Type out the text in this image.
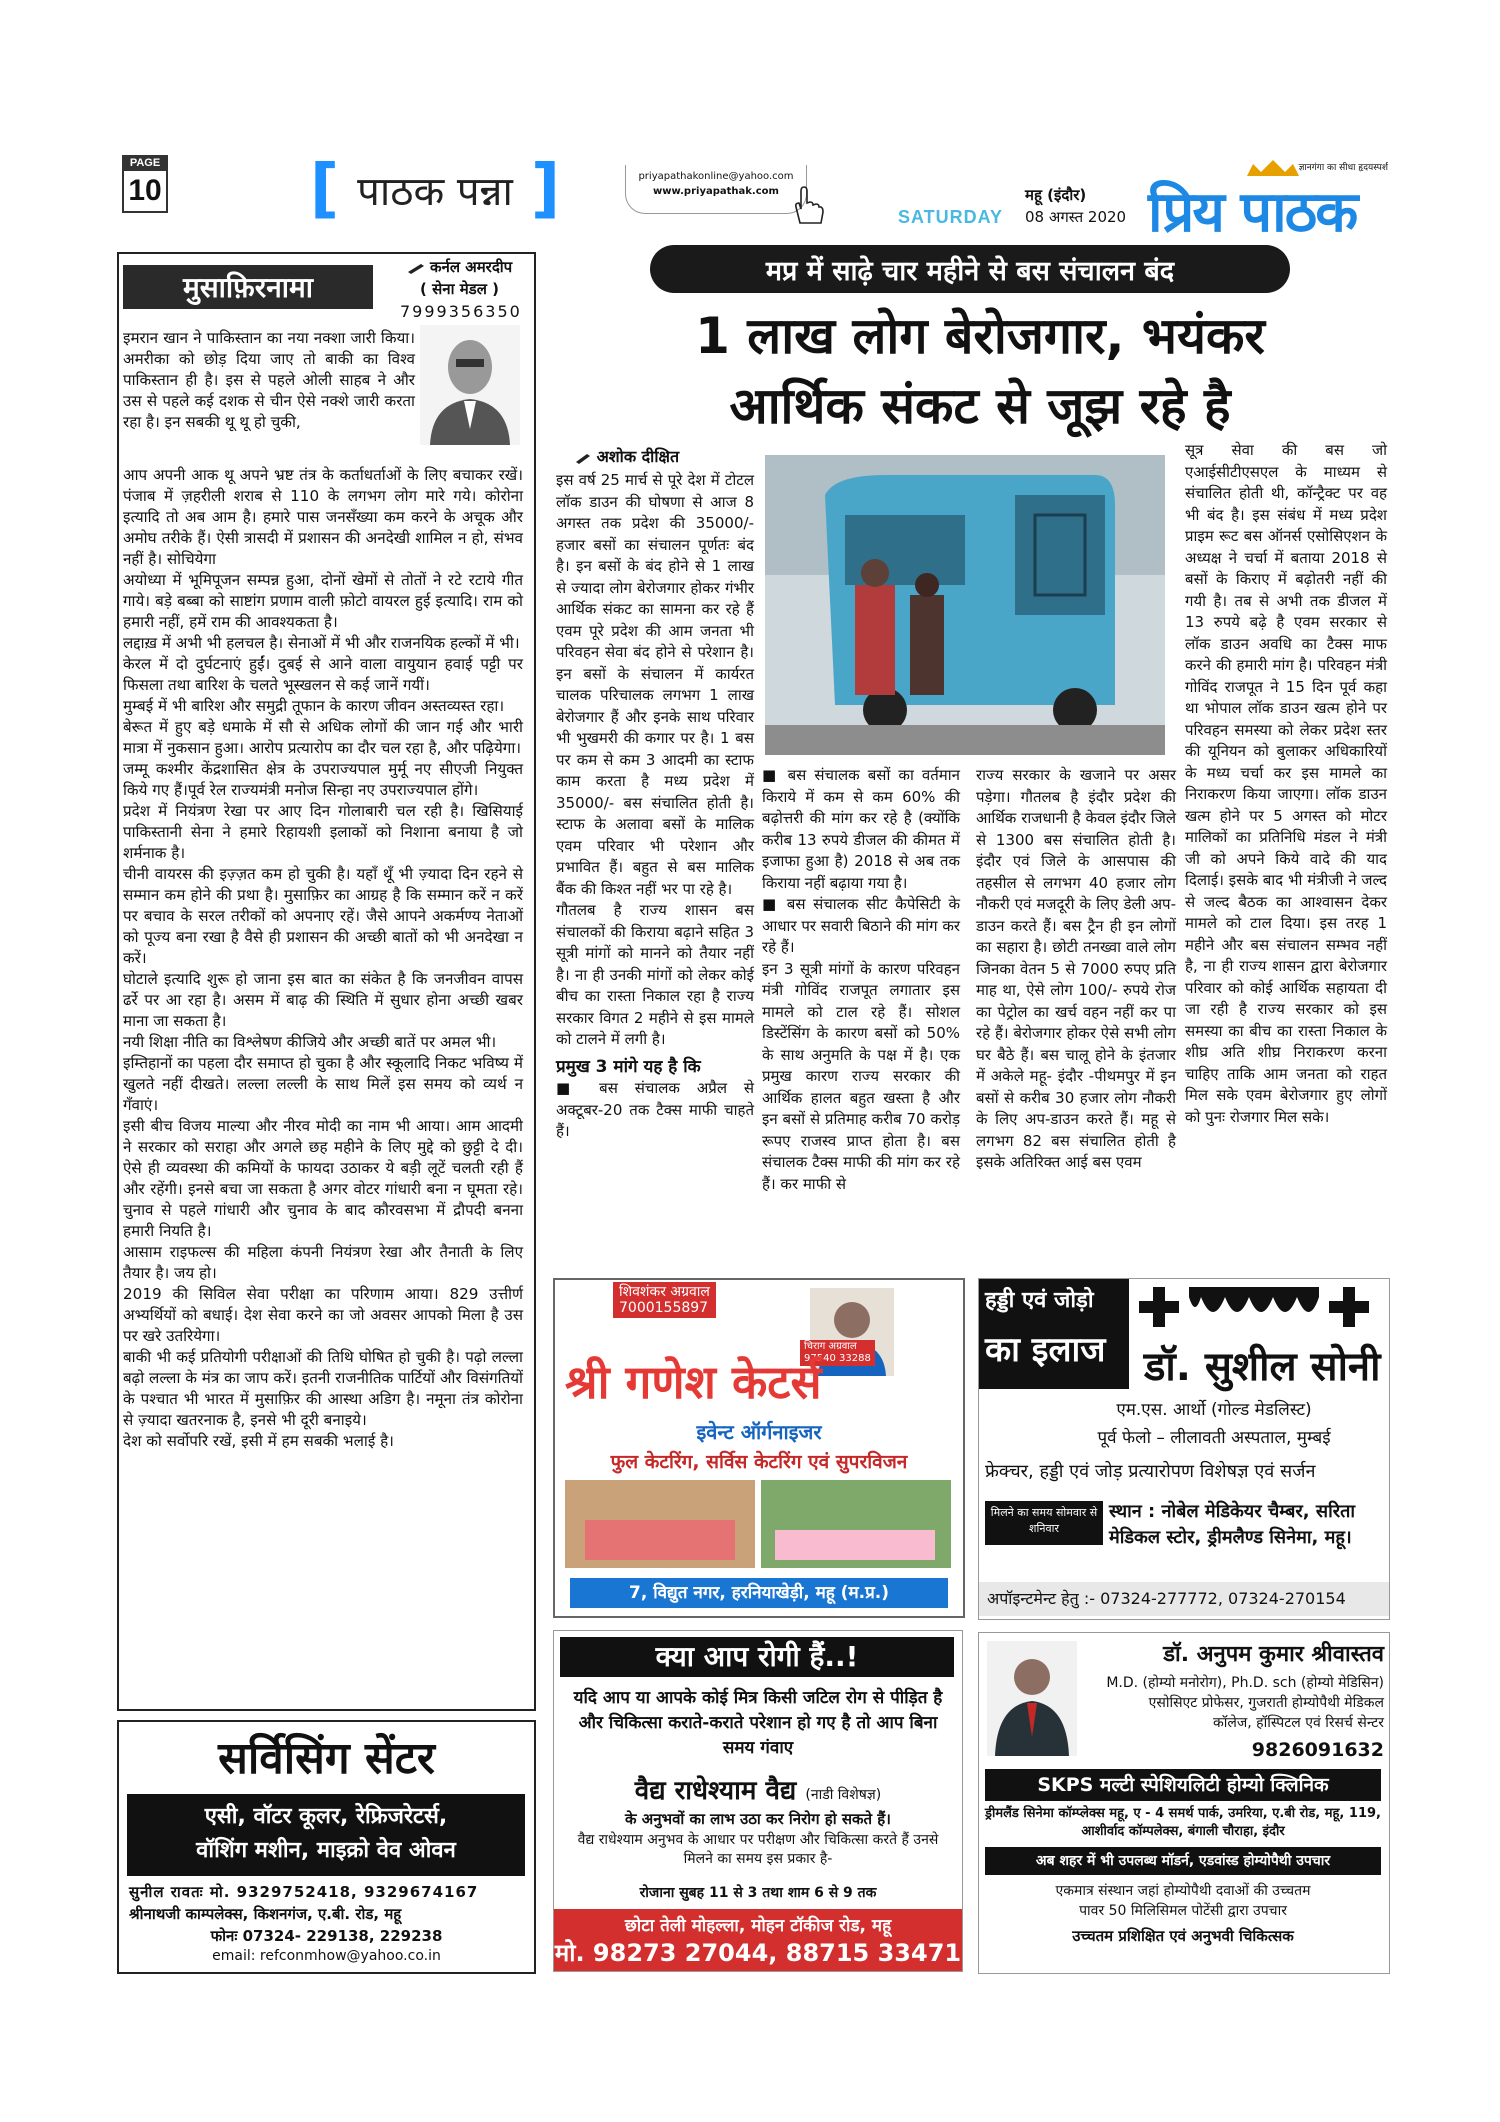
PAGE
10 [ पाठक पन्ना ]	priyapathakonline@yahoo.com
www.priyapathak.com
SATURDAY
महू (इंदौर)
08 अगस्त 2020
ज्ञानगंगा का सीधा हृदयस्पर्श
प्रिय पाठक
मुसाफ़िरनामा
कर्नल अमरदीप
( सेना मेडल )
7999356350
इमरान खान ने पाकिस्तान का नया नक्शा जारी किया। अमरीका को छोड़ दिया जाए तो बाकी का विश्व पाकिस्तान ही है। इस से पहले ओली साहब ने और उस से पहले कई दशक से चीन ऐसे नक्शे जारी करता रहा है। इन सबकी थू थू हो चुकी,
आप अपनी आक थू अपने भ्रष्ट तंत्र के कर्ताधर्ताओं के लिए बचाकर रखें। पंजाब में ज़हरीली शराब से 110 के लगभग लोग मारे गये। कोरोना इत्यादि तो अब आम है। हमारे पास जनसँख्या कम करने के अचूक और अमोघ तरीके हैं। ऐसी त्रासदी में प्रशासन की अनदेखी शामिल न हो, संभव नहीं है। सोचियेगा
अयोध्या में भूमिपूजन सम्पन्न हुआ, दोनों खेमों से तोतों ने रटे रटाये गीत गाये। बड़े बब्बा को साष्टांग प्रणाम वाली फ़ोटो वायरल हुई इत्यादि। राम को हमारी नहीं, हमें राम की आवश्यकता है।
लद्दाख़ में अभी भी हलचल है। सेनाओं में भी और राजनयिक हल्कों में भी।
केरल में दो दुर्घटनाएं हुईं। दुबई से आने वाला वायुयान हवाई पट्टी पर फिसला तथा बारिश के चलते भूस्खलन से कई जानें गयीं।
मुम्बई में भी बारिश और समुद्री तूफान के कारण जीवन अस्तव्यस्त रहा।
बेरूत में हुए बड़े धमाके में सौ से अधिक लोगों की जान गई और भारी मात्रा में नुकसान हुआ। आरोप प्रत्यारोप का दौर चल रहा है, और पढ़ियेगा।
जम्मू कश्मीर केंद्रशासित क्षेत्र के उपराज्यपाल मुर्मू नए सीएजी नियुक्त किये गए हैं।पूर्व रेल राज्यमंत्री मनोज सिन्हा नए उपराज्यपाल होंगे।
प्रदेश में नियंत्रण रेखा पर आए दिन गोलाबारी चल रही है। खिसियाई पाकिस्तानी सेना ने हमारे रिहायशी इलाकों को निशाना बनाया है जो शर्मनाक है।
चीनी वायरस की इज़्ज़त कम हो चुकी है। यहाँ थूँ भी ज़्यादा दिन रहने से सम्मान कम होने की प्रथा है। मुसाफ़िर का आग्रह है कि सम्मान करें न करें पर बचाव के सरल तरीकों को अपनाए रहें। जैसे आपने अकर्मण्य नेताओं को पूज्य बना रखा है वैसे ही प्रशासन की अच्छी बातों को भी अनदेखा न करें।
घोटाले इत्यादि शुरू हो जाना इस बात का संकेत है कि जनजीवन वापस ढर्रे पर आ रहा है। असम में बाढ़ की स्थिति में सुधार होना अच्छी खबर माना जा सकता है।
नयी शिक्षा नीति का विश्लेषण कीजिये और अच्छी बातें पर अमल भी।
इम्तिहानों का पहला दौर समाप्त हो चुका है और स्कूलादि निकट भविष्य में खुलते नहीं दीखते। लल्ला लल्ली के साथ मिलें इस समय को व्यर्थ न गँवाएं।
इसी बीच विजय माल्या और नीरव मोदी का नाम भी आया। आम आदमी ने सरकार को सराहा और अगले छह महीने के लिए मुद्दे को छुट्टी दे दी। ऐसे ही व्यवस्था की कमियों के फायदा उठाकर ये बड़ी लूटें चलती रही हैं और रहेंगी। इनसे बचा जा सकता है अगर वोटर गांधारी बना न घूमता रहे। चुनाव से पहले गांधारी और चुनाव के बाद कौरवसभा में द्रौपदी बनना हमारी नियति है।
आसाम राइफल्स की महिला कंपनी नियंत्रण रेखा और तैनाती के लिए तैयार है। जय हो।
2019 की सिविल सेवा परीक्षा का परिणाम आया। 829 उत्तीर्ण अभ्यर्थियों को बधाई। देश सेवा करने का जो अवसर आपको मिला है उस पर खरे उतरियेगा।
बाकी भी कई प्रतियोगी परीक्षाओं की तिथि घोषित हो चुकी है। पढ़ो लल्ला बढ़ो लल्ला के मंत्र का जाप करें। इतनी राजनीतिक पार्टियों और विसंगतियों के पश्चात भी भारत में मुसाफ़िर की आस्था अडिग है। नमूना तंत्र कोरोना से ज़्यादा खतरनाक है, इनसे भी दूरी बनाइये।
देश को सर्वोपरि रखें, इसी में हम सबकी भलाई है।
मप्र में साढ़े चार महीने से बस संचालन बंद
1 लाख लोग बेरोजगार, भयंकर
आर्थिक संकट से जूझ रहे है
अशोक दीक्षित
इस वर्ष 25 मार्च से पूरे देश में टोटल लॉक डाउन की घोषणा से आज 8 अगस्त तक प्रदेश की 35000/- हजार बसों का संचालन पूर्णतः बंद है। इन बसों के बंद होने से 1 लाख से ज्यादा लोग बेरोजगार होकर गंभीर आर्थिक संकट का सामना कर रहे हैं एवम पूरे प्रदेश की आम जनता भी परिवहन सेवा बंद होने से परेशान है। इन बसों के संचालन में कार्यरत चालक परिचालक लगभग 1 लाख बेरोजगार हैं और इनके साथ परिवार भी भुखमरी की कगार पर है। 1 बस पर कम से कम 3 आदमी का स्टाफ काम करता है मध्य प्रदेश में 35000/- बस संचालित होती है। स्टाफ के अलावा बसों के मालिक एवम परिवार भी परेशान और प्रभावित हैं। बहुत से बस मालिक बैंक की किश्त नहीं भर पा रहे है।
गौतलब है राज्य शासन बस संचालकों की किराया बढ़ाने सहित 3 सूत्री मांगों को मानने को तैयार नहीं है। ना ही उनकी मांगों को लेकर कोई बीच का रास्ता निकाल रहा है राज्य सरकार विगत 2 महीने से इस मामले को टालने में लगी है।
प्रमुख 3 मांगे यह है कि
■ बस संचालक अप्रैल से अक्टूबर-20 तक टैक्स माफी चाहते हैं।
■ बस संचालक बसों का वर्तमान किराये में कम से कम 60% की बढ़ोत्तरी की मांग कर रहे है (क्योंकि करीब 13 रुपये डीजल की कीमत में इजाफा हुआ है) 2018 से अब तक किराया नहीं बढ़ाया गया है।
■ बस संचालक सीट कैपेसिटी के आधार पर सवारी बिठाने की मांग कर रहे हैं।
इन 3 सूत्री मांगों के कारण परिवहन मंत्री गोविंद राजपूत लगातार इस मामले को टाल रहे हैं। सोशल डिस्टेंसिंग के कारण बसों को 50% के साथ अनुमति के पक्ष में है। एक प्रमुख कारण राज्य सरकार की आर्थिक हालत बहुत खस्ता है और इन बसों से प्रतिमाह करीब 70 करोड़ रूपए राजस्व प्राप्त होता है। बस संचालक टैक्स माफी की मांग कर रहे हैं। कर माफी से
राज्य सरकार के खजाने पर असर पड़ेगा। गौतलब है इंदौर प्रदेश की आर्थिक राजधानी है केवल इंदौर जिले से 1300 बस संचालित होती है। इंदौर एवं जिले के आसपास की तहसील से लगभग 40 हजार लोग नौकरी एवं मजदूरी के लिए डेली अप- डाउन करते हैं। बस ट्रैन ही इन लोगों का सहारा है। छोटी तनख्वा वाले लोग जिनका वेतन 5 से 7000 रुपए प्रति माह था, ऐसे लोग 100/- रुपये रोज का पेट्रोल का खर्च वहन नहीं कर पा रहे हैं। बेरोजगार होकर ऐसे सभी लोग घर बैठे हैं। बस चालू होने के इंतजार में अकेले महू- इंदौर -पीथमपुर में इन बसों से करीब 30 हजार लोग नौकरी के लिए अप-डाउन करते हैं। महू से लगभग 82 बस संचालित होती है इसके अतिरिक्त आई बस एवम
सूत्र सेवा की बस जो एआईसीटीएसएल के माध्यम से संचालित होती थी, कॉन्ट्रैक्ट पर वह भी बंद है। इस संबंध में मध्य प्रदेश प्राइम रूट बस ऑनर्स एसोसिएशन के अध्यक्ष ने चर्चा में बताया 2018 से बसों के किराए में बढ़ोतरी नहीं की गयी है। तब से अभी तक डीजल में 13 रुपये बढ़े है एवम सरकार से लॉक डाउन अवधि का टैक्स माफ करने की हमारी मांग है। परिवहन मंत्री गोविंद राजपूत ने 15 दिन पूर्व कहा था भोपाल लॉक डाउन खत्म होने पर परिवहन समस्या को लेकर प्रदेश स्तर की यूनियन को बुलाकर अधिकारियों के मध्य चर्चा कर इस मामले का निराकरण किया जाएगा। लॉक डाउन खत्म होने पर 5 अगस्त को मोटर मालिकों का प्रतिनिधि मंडल ने मंत्री जी को अपने किये वादे की याद दिलाई। इसके बाद भी मंत्रीजी ने जल्द से जल्द बैठक का आश्वासन देकर मामले को टाल दिया। इस तरह 1 महीने और बस संचालन सम्भव नहीं है, ना ही राज्य शासन द्वारा बेरोजगार परिवार को कोई आर्थिक सहायता दी जा रही है राज्य सरकार को इस समस्या का बीच का रास्ता निकाल के शीघ्र अति शीघ्र निराकरण करना चाहिए ताकि आम जनता को राहत मिल सके एवम बेरोजगार हुए लोगों को पुनः रोजगार मिल सके।
शिवशंकर अग्रवाल
7000155897
चिराग अग्रवाल
97540 33288
श्री गणेश केटर्स
इवेन्ट ऑर्गनाइजर
फुल केटरिंग, सर्विस केटरिंग एवं सुपरविजन
7, विद्युत नगर, हरनियाखेड़ी, महू (म.प्र.)
हड्डी एवं जोड़ो
का इलाज डॉ. सुशील सोनी
एम.एस. आर्थो (गोल्ड मेडलिस्ट)
पूर्व फेलो – लीलावती अस्पताल, मुम्बई
फ्रेक्चर, हड्डी एवं जोड़ प्रत्यारोपण विशेषज्ञ एवं सर्जन
मिलने का समय सोमवार से शनिवार
स्थान : नोबेल मेडिकेयर चैम्बर, सरिता मेडिकल स्टोर, ड्रीमलैण्ड सिनेमा, महू।
अपॉइन्टमेन्ट हेतु :- 07324-277772, 07324-270154
क्या आप रोगी हैं..!
यदि आप या आपके कोई मित्र किसी जटिल रोग से पीड़ित है और चिकित्सा कराते-कराते परेशान हो गए है तो आप बिना समय गंवाए
वैद्य राधेश्याम वैद्य (नाडी विशेषज्ञ)
के अनुभवों का लाभ उठा कर निरोग हो सकते हैं।
वैद्य राधेश्याम अनुभव के आधार पर परीक्षण और चिकित्सा करते हैं उनसे मिलने का समय इस प्रकार है-
रोजाना सुबह 11 से 3 तथा शाम 6 से 9 तक
छोटा तेली मोहल्ला, मोहन टॉकीज रोड, महू
मो. 98273 27044, 88715 33471
डॉ. अनुपम कुमार श्रीवास्तव
M.D. (होम्यो मनोरोग), Ph.D. sch (होम्यो मेडिसिन)
एसोसिएट प्रोफेसर, गुजराती होम्योपैथी मेडिकल
कॉलेज, हॉस्पिटल एवं रिसर्च सेन्टर
9826091632
SKPS मल्टी स्पेशियलिटी होम्यो क्लिनिक
ड्रीमलैंड सिनेमा कॉम्प्लेक्स महू, ए - 4 समर्थ पार्क, उमरिया, ए.बी रोड, महू, 119, आशीर्वाद कॉम्पलेक्स, बंगाली चौराहा, इंदौर
अब शहर में भी उपलब्ध मॉडर्न, एडवांस्ड होम्योपैथी उपचार
एकमात्र संस्थान जहां होम्योपैथी दवाओं की उच्चतम
पावर 50 मिलिसिमल पोटेंसी द्वारा उपचार
उच्चतम प्रशिक्षित एवं अनुभवी चिकित्सक
सर्विसिंग सेंटर
एसी, वॉटर कूलर, रेफ्रिजरेटर्स,
वॉशिंग मशीन, माइक्रो वेव ओवन
सुनील रावतः मो. 9329752418, 9329674167
श्रीनाथजी काम्पलेक्स, किशनगंज, ए.बी. रोड, महू
फोनः 07324- 229138, 229238
email: refconmhow@yahoo.co.in
